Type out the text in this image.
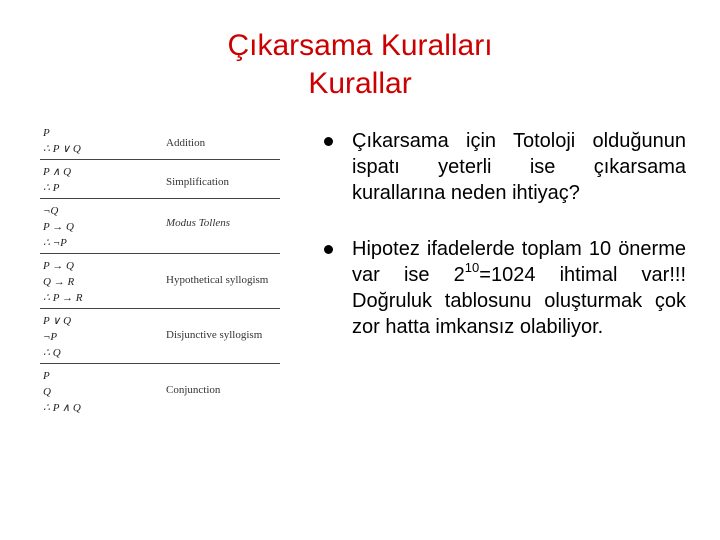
Çıkarsama Kuralları
Kurallar
Addition
P
∴ P ∨ Q
Simplification
P ∧ Q
∴ P
Modus Tollens
¬Q
P → Q
∴ ¬P
Hypothetical syllogism
P → Q
Q → R
∴ P → R
Disjunctive syllogism
P ∨ Q
¬P
∴ Q
Conjunction
P
Q
∴ P ∧ Q
Çıkarsama için Totoloji olduğunun ispatı yeterli ise çıkarsama kurallarına neden ihtiyaç?
Hipotez ifadelerde toplam 10 önerme var ise $2^{10}=1024$ ihtimal var!!! Doğruluk tablosunu oluşturmak çok zor hatta imkansız olabiliyor.
